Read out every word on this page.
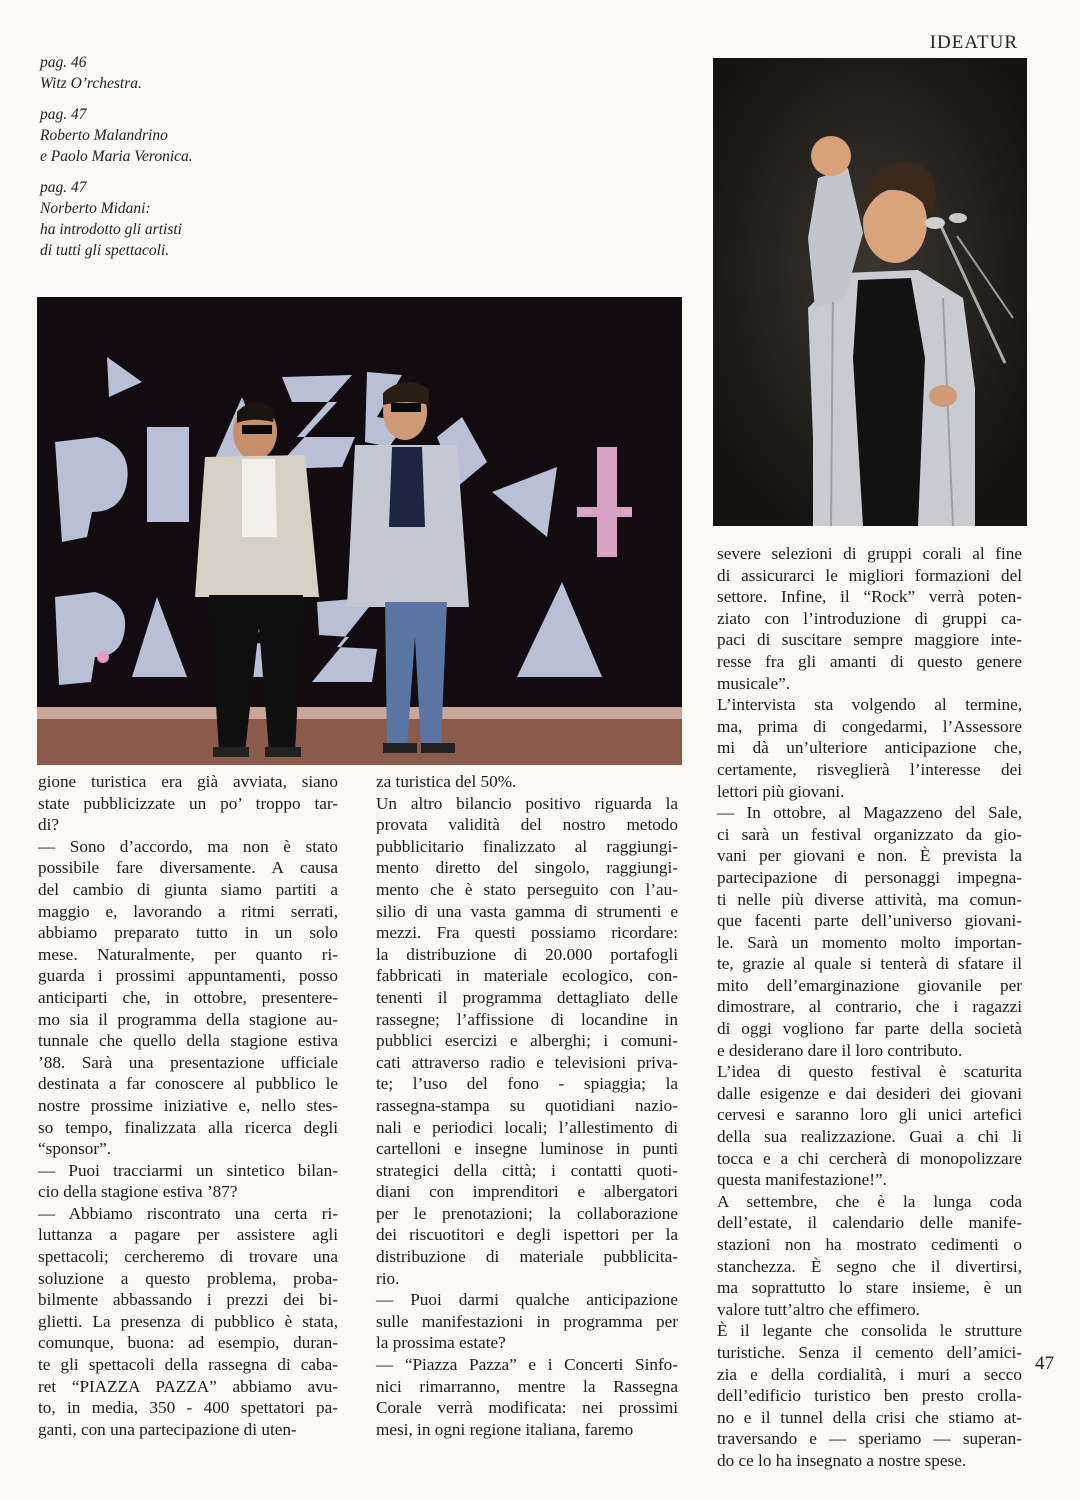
IDEATUR
pag. 46
Witz O’rchestra.
pag. 47
Roberto Malandrino
e Paolo Maria Veronica.
pag. 47
Norberto Midani:
ha introdotto gli artisti
di tutti gli spettacoli.
gione turistica era già avviata, siano
state pubblicizzate un po’ troppo tar-
di?
— Sono d’accordo, ma non è stato
possibile fare diversamente. A causa
del cambio di giunta siamo partiti a
maggio e, lavorando a ritmi serrati,
abbiamo preparato tutto in un solo
mese. Naturalmente, per quanto ri-
guarda i prossimi appuntamenti, posso
anticiparti che, in ottobre, presentere-
mo sia il programma della stagione au-
tunnale che quello della stagione estiva
’88. Sarà una presentazione ufficiale
destinata a far conoscere al pubblico le
nostre prossime iniziative e, nello stes-
so tempo, finalizzata alla ricerca degli
“sponsor”.
— Puoi tracciarmi un sintetico bilan-
cio della stagione estiva ’87?
— Abbiamo riscontrato una certa ri-
luttanza a pagare per assistere agli
spettacoli; cercheremo di trovare una
soluzione a questo problema, proba-
bilmente abbassando i prezzi dei bi-
glietti. La presenza di pubblico è stata,
comunque, buona: ad esempio, duran-
te gli spettacoli della rassegna di caba-
ret “PIAZZA PAZZA” abbiamo avu-
to, in media, 350 - 400 spettatori pa-
ganti, con una partecipazione di uten-
za turistica del 50%.
Un altro bilancio positivo riguarda la
provata validità del nostro metodo
pubblicitario finalizzato al raggiungi-
mento diretto del singolo, raggiungi-
mento che è stato perseguito con l’au-
silio di una vasta gamma di strumenti e
mezzi. Fra questi possiamo ricordare:
la distribuzione di 20.000 portafogli
fabbricati in materiale ecologico, con-
tenenti il programma dettagliato delle
rassegne; l’affissione di locandine in
pubblici esercizi e alberghi; i comuni-
cati attraverso radio e televisioni priva-
te; l’uso del fono - spiaggia; la
rassegna-stampa su quotidiani nazio-
nali e periodici locali; l’allestimento di
cartelloni e insegne luminose in punti
strategici della città; i contatti quoti-
diani con imprenditori e albergatori
per le prenotazioni; la collaborazione
dei riscuotitori e degli ispettori per la
distribuzione di materiale pubblicita-
rio.
— Puoi darmi qualche anticipazione
sulle manifestazioni in programma per
la prossima estate?
— “Piazza Pazza” e i Concerti Sinfo-
nici rimarranno, mentre la Rassegna
Corale verrà modificata: nei prossimi
mesi, in ogni regione italiana, faremo
severe selezioni di gruppi corali al fine
di assicurarci le migliori formazioni del
settore. Infine, il “Rock” verrà poten-
ziato con l’introduzione di gruppi ca-
paci di suscitare sempre maggiore inte-
resse fra gli amanti di questo genere
musicale”.
L’intervista sta volgendo al termine,
ma, prima di congedarmi, l’Assessore
mi dà un’ulteriore anticipazione che,
certamente, risveglierà l’interesse dei
lettori più giovani.
— In ottobre, al Magazzeno del Sale,
ci sarà un festival organizzato da gio-
vani per giovani e non. È prevista la
partecipazione di personaggi impegna-
ti nelle più diverse attività, ma comun-
que facenti parte dell’universo giovani-
le. Sarà un momento molto importan-
te, grazie al quale si tenterà di sfatare il
mito dell’emarginazione giovanile per
dimostrare, al contrario, che i ragazzi
di oggi vogliono far parte della società
e desiderano dare il loro contributo.
L’idea di questo festival è scaturita
dalle esigenze e dai desideri dei giovani
cervesi e saranno loro gli unici artefici
della sua realizzazione. Guai a chi li
tocca e a chi cercherà di monopolizzare
questa manifestazione!”.
A settembre, che è la lunga coda
dell’estate, il calendario delle manife-
stazioni non ha mostrato cedimenti o
stanchezza. È segno che il divertirsi,
ma soprattutto lo stare insieme, è un
valore tutt’altro che effimero.
È il legante che consolida le strutture
turistiche. Senza il cemento dell’amici-
zia e della cordialità, i muri a secco
dell’edificio turistico ben presto crolla-
no e il tunnel della crisi che stiamo at-
traversando e — speriamo — superan-
do ce lo ha insegnato a nostre spese.
47
